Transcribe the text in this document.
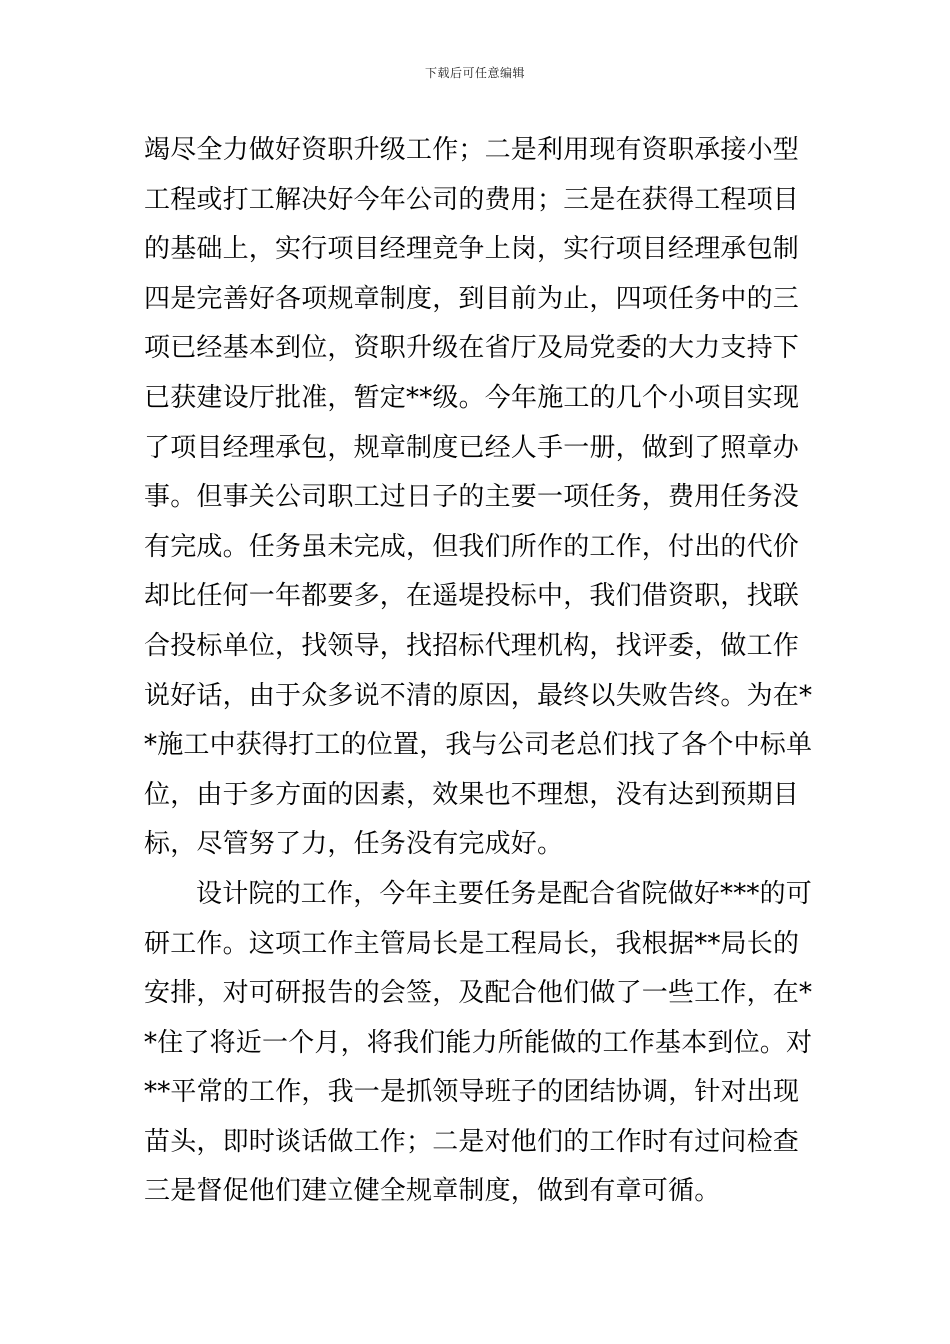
下载后可任意编辑
竭尽全力做好资职升级工作；二是利用现有资职承接小型
工程或打工解决好今年公司的费用；三是在获得工程项目
的基础上，实行项目经理竞争上岗，实行项目经理承包制
四是完善好各项规章制度，到目前为止，四项任务中的三
项已经基本到位，资职升级在省厅及局党委的大力支持下
已获建设厅批准，暂定**级。今年施工的几个小项目实现
了项目经理承包，规章制度已经人手一册，做到了照章办
事。但事关公司职工过日子的主要一项任务，费用任务没
有完成。任务虽未完成，但我们所作的工作，付出的代价
却比任何一年都要多，在遥堤投标中，我们借资职，找联
合投标单位，找领导，找招标代理机构，找评委，做工作
说好话，由于众多说不清的原因，最终以失败告终。为在*
*施工中获得打工的位置，我与公司老总们找了各个中标单
位，由于多方面的因素，效果也不理想，没有达到预期目
标，尽管努了力，任务没有完成好。
设计院的工作，今年主要任务是配合省院做好***的可
研工作。这项工作主管局长是工程局长，我根据**局长的
安排，对可研报告的会签，及配合他们做了一些工作，在*
*住了将近一个月，将我们能力所能做的工作基本到位。对
**平常的工作，我一是抓领导班子的团结协调，针对出现
苗头，即时谈话做工作；二是对他们的工作时有过问检查
三是督促他们建立健全规章制度，做到有章可循。
